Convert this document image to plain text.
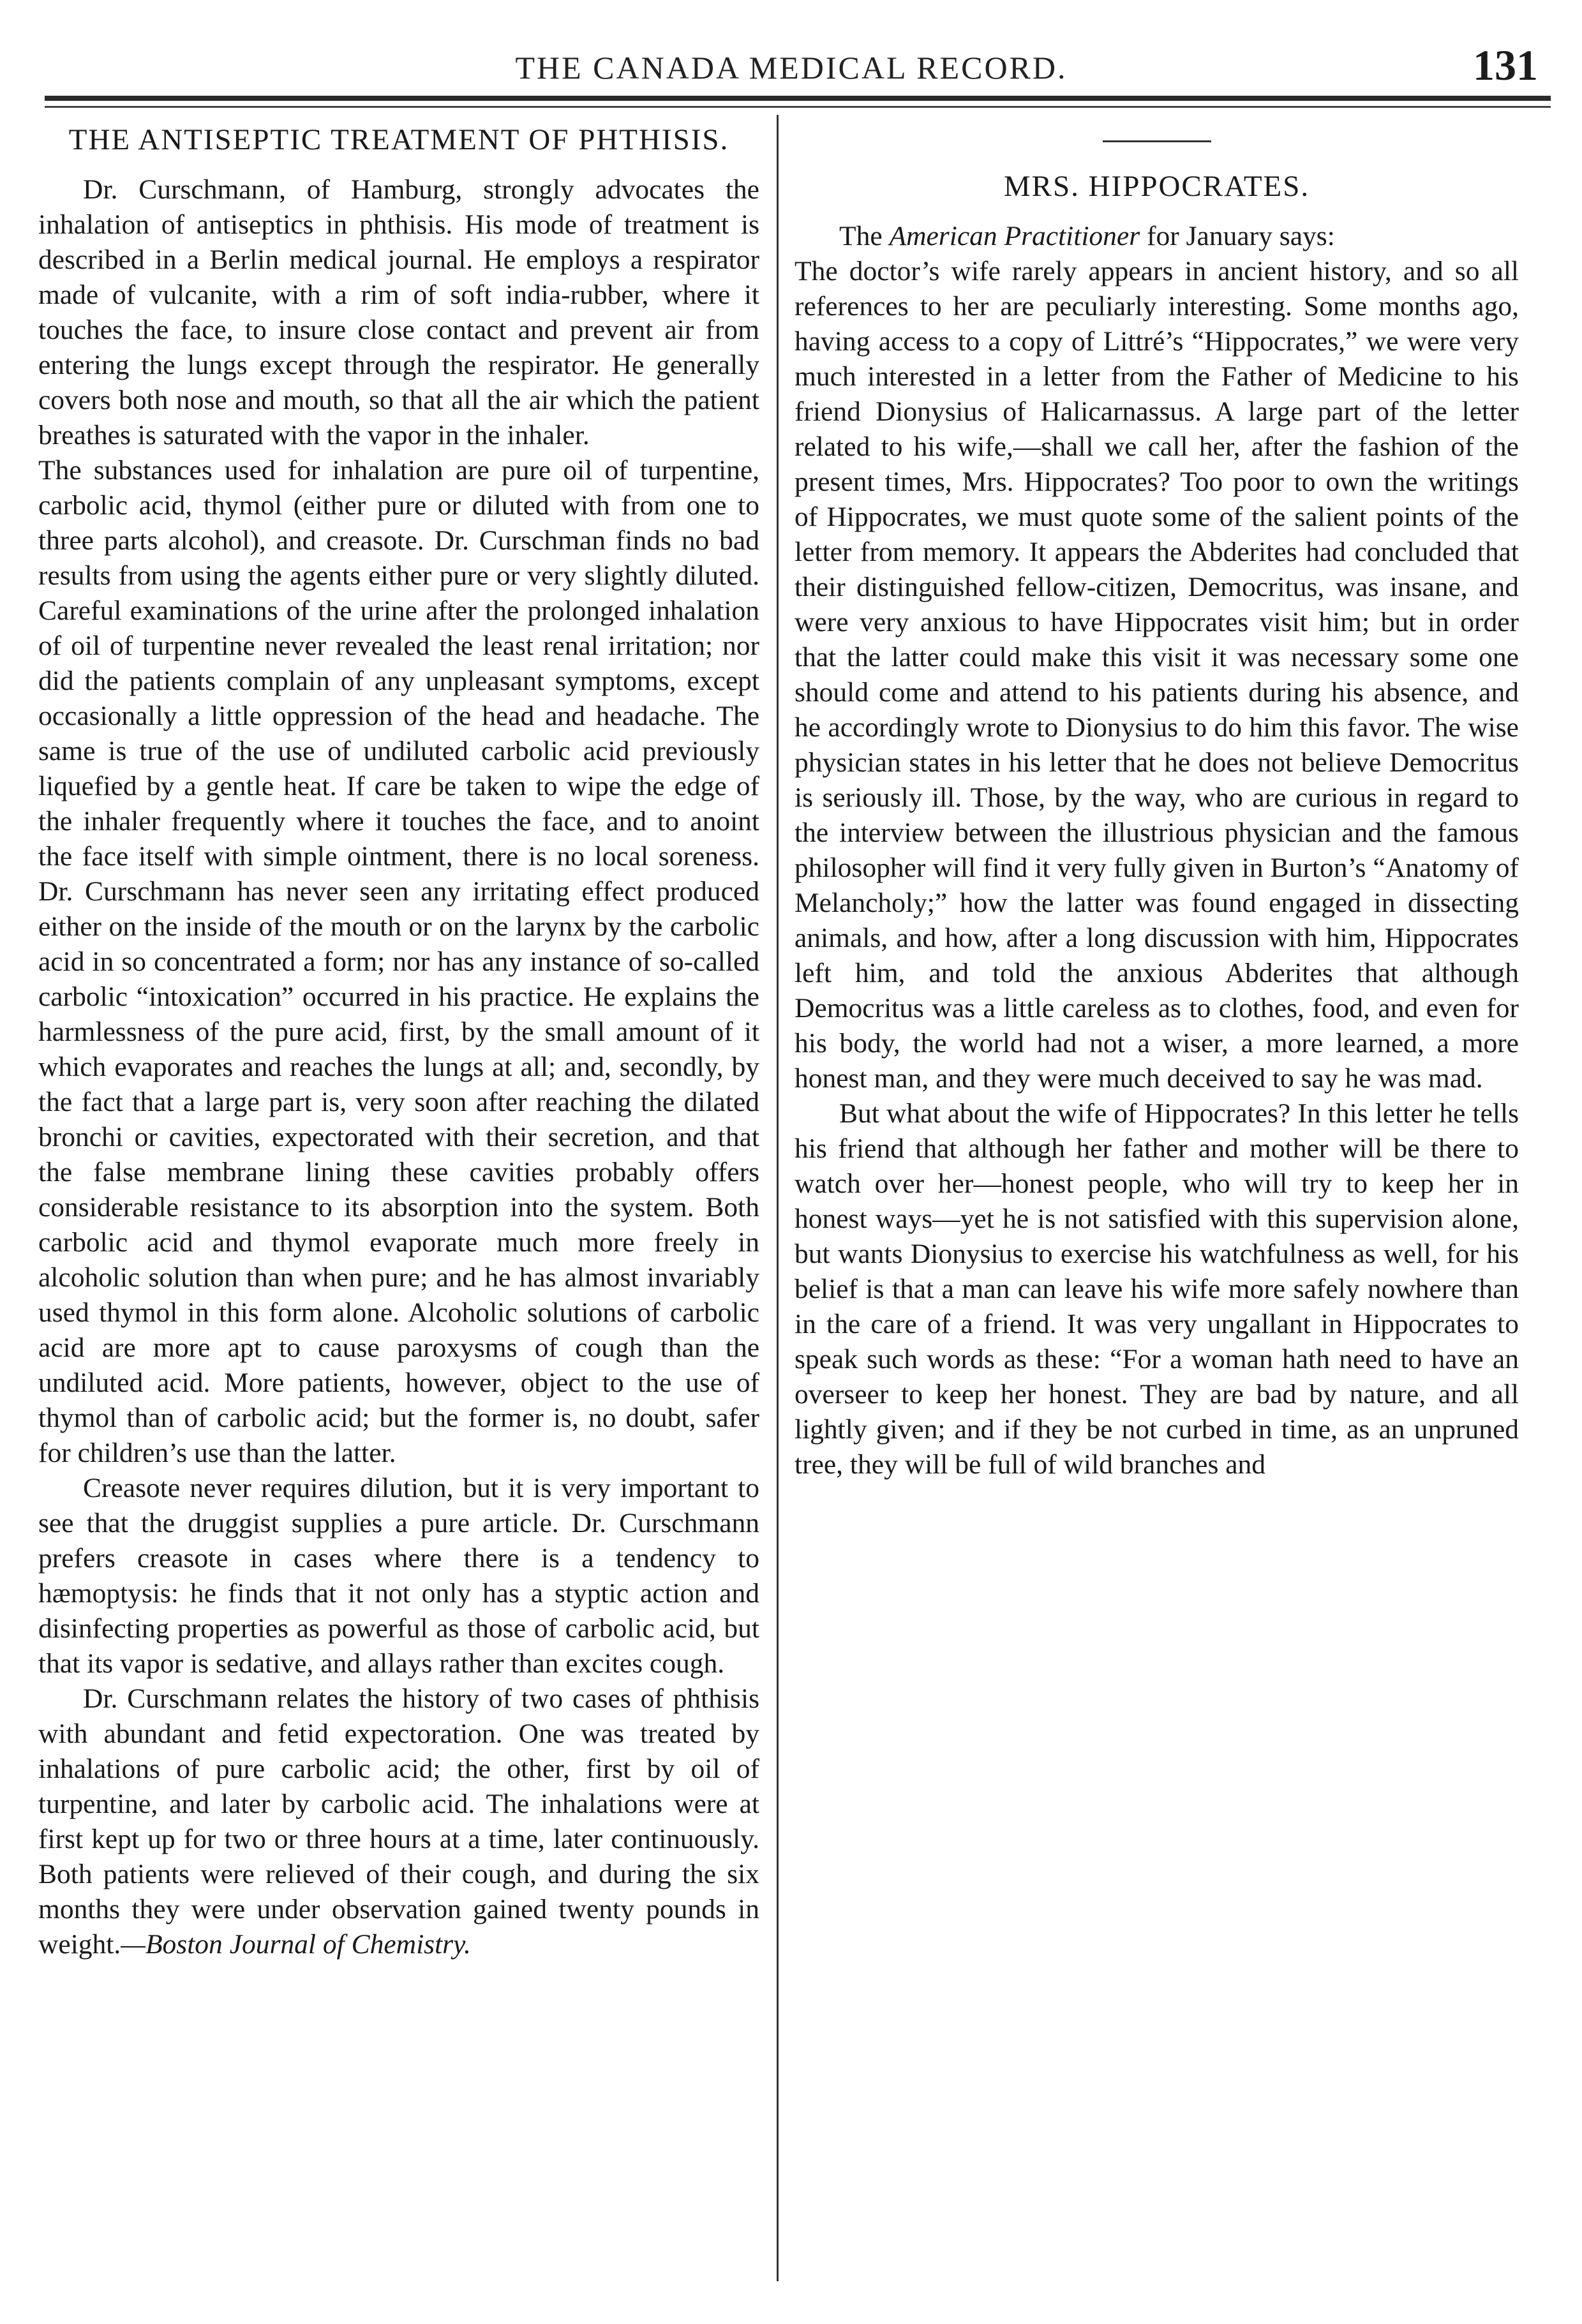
THE CANADA MEDICAL RECORD.	131
THE ANTISEPTIC TREATMENT OF PHTHISIS.

Dr. Curschmann, of Hamburg, strongly advocates the inhalation of antiseptics in phthisis. His mode of treatment is described in a Berlin medical journal. He employs a respirator made of vulcanite, with a rim of soft india-rubber, where it touches the face, to insure close contact and prevent air from entering the lungs except through the respirator. He generally covers both nose and mouth, so that all the air which the patient breathes is saturated with the vapor in the inhaler.

The substances used for inhalation are pure oil of turpentine, carbolic acid, thymol (either pure or diluted with from one to three parts alcohol), and creasote. Dr. Curschman finds no bad results from using the agents either pure or very slightly diluted. Careful examinations of the urine after the prolonged inhalation of oil of turpentine never revealed the least renal irritation; nor did the patients complain of any unpleasant symptoms, except occasionally a little oppression of the head and headache. The same is true of the use of undiluted carbolic acid previously liquefied by a gentle heat. If care be taken to wipe the edge of the inhaler frequently where it touches the face, and to anoint the face itself with simple ointment, there is no local soreness. Dr. Curschmann has never seen any irritating effect produced either on the inside of the mouth or on the larynx by the carbolic acid in so concentrated a form; nor has any instance of so-called carbolic “intoxication” occurred in his practice. He explains the harmlessness of the pure acid, first, by the small amount of it which evaporates and reaches the lungs at all; and, secondly, by the fact that a large part is, very soon after reaching the dilated bronchi or cavities, expectorated with their secretion, and that the false membrane lining these cavities probably offers considerable resistance to its absorption into the system. Both carbolic acid and thymol evaporate much more freely in alcoholic solution than when pure; and he has almost invariably used thymol in this form alone. Alcoholic solutions of carbolic acid are more apt to cause paroxysms of cough than the undiluted acid. More patients, however, object to the use of thymol than of carbolic acid; but the former is, no doubt, safer for children’s use than the latter.

Creasote never requires dilution, but it is very important to see that the druggist supplies a pure article. Dr. Curschmann prefers creasote in cases where there is a tendency to hæmoptysis: he finds that it not only has a styptic action and disinfecting properties as powerful as those of carbolic acid, but that its vapor is sedative, and allays rather than excites cough.

Dr. Curschmann relates the history of two cases of phthisis with abundant and fetid expectoration. One was treated by inhalations of pure carbolic acid; the other, first by oil of turpentine, and later by carbolic acid. The inhalations were at first kept up for two or three hours at a time, later continuously. Both patients were relieved of their cough, and during the six months they were under observation gained twenty pounds in weight.—Boston Journal of Chemistry.

MRS. HIPPOCRATES.

The American Practitioner for January says:

The doctor’s wife rarely appears in ancient history, and so all references to her are peculiarly interesting. Some months ago, having access to a copy of Littré’s “Hippocrates,” we were very much interested in a letter from the Father of Medicine to his friend Dionysius of Halicarnassus. A large part of the letter related to his wife,—shall we call her, after the fashion of the present times, Mrs. Hippocrates? Too poor to own the writings of Hippocrates, we must quote some of the salient points of the letter from memory. It appears the Abderites had concluded that their distinguished fellow-citizen, Democritus, was insane, and were very anxious to have Hippocrates visit him; but in order that the latter could make this visit it was necessary some one should come and attend to his patients during his absence, and he accordingly wrote to Dionysius to do him this favor. The wise physician states in his letter that he does not believe Democritus is seriously ill. Those, by the way, who are curious in regard to the interview between the illustrious physician and the famous philosopher will find it very fully given in Burton’s “Anatomy of Melancholy;” how the latter was found engaged in dissecting animals, and how, after a long discussion with him, Hippocrates left him, and told the anxious Abderites that although Democritus was a little careless as to clothes, food, and even for his body, the world had not a wiser, a more learned, a more honest man, and they were much deceived to say he was mad.

But what about the wife of Hippocrates? In this letter he tells his friend that although her father and mother will be there to watch over her—honest people, who will try to keep her in honest ways—yet he is not satisfied with this supervision alone, but wants Dionysius to exercise his watchfulness as well, for his belief is that a man can leave his wife more safely nowhere than in the care of a friend. It was very ungallant in Hippocrates to speak such words as these: “For a woman hath need to have an overseer to keep her honest. They are bad by nature, and all lightly given; and if they be not curbed in time, as an unpruned tree, they will be full of wild branches and
